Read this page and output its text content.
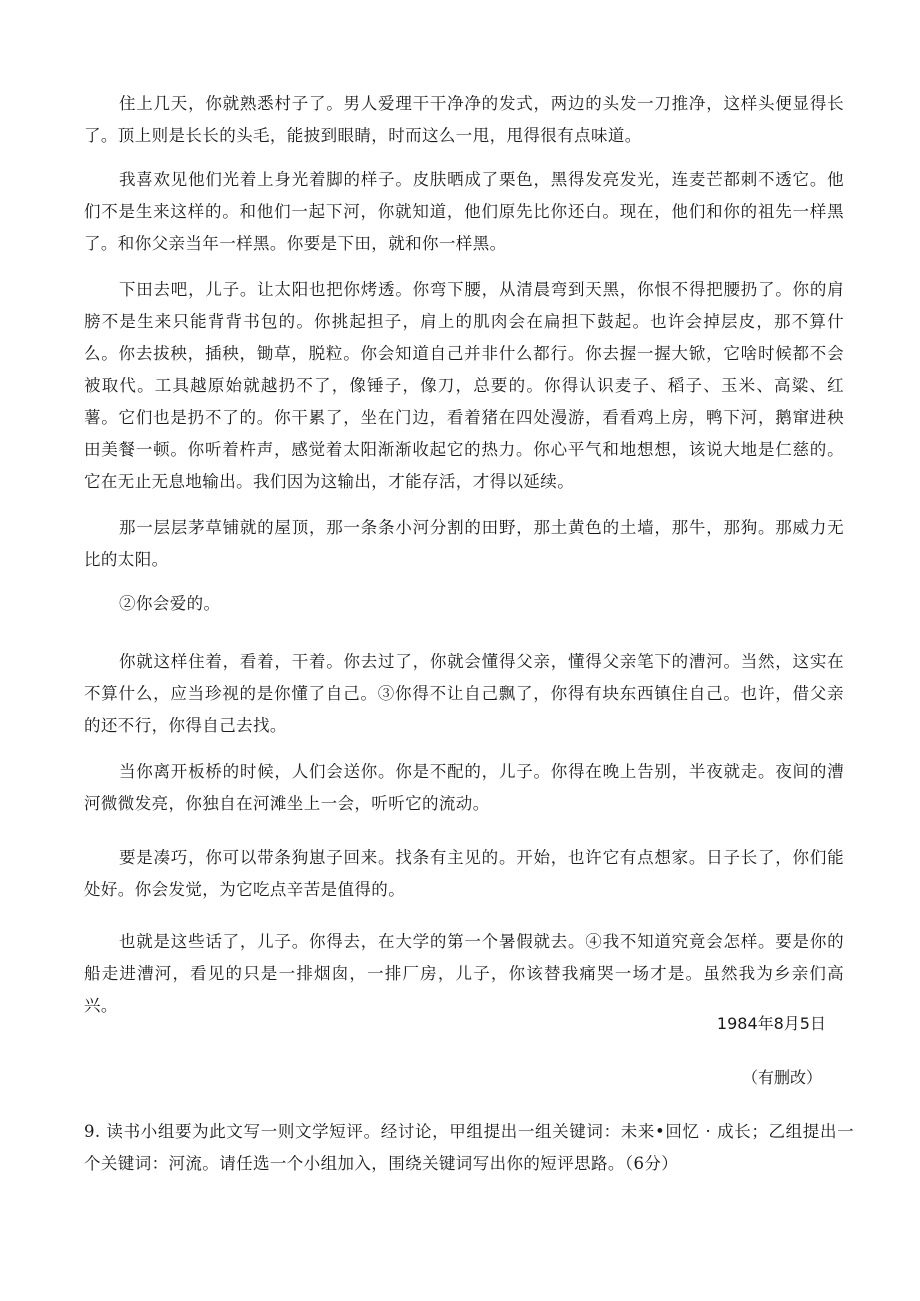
住上几天，你就熟悉村子了。男人爱理干干净净的发式，两边的头发一刀推净，这样头便显得长了。顶上则是长长的头毛，能披到眼睛，时而这么一甩，甩得很有点味道。

我喜欢见他们光着上身光着脚的样子。皮肤晒成了栗色，黑得发亮发光，连麦芒都刺不透它。他们不是生来这样的。和他们一起下河，你就知道，他们原先比你还白。现在，他们和你的祖先一样黑了。和你父亲当年一样黑。你要是下田，就和你一样黑。

下田去吧，儿子。让太阳也把你烤透。你弯下腰，从清晨弯到天黑，你恨不得把腰扔了。你的肩膀不是生来只能背背书包的。你挑起担子，肩上的肌肉会在扁担下鼓起。也许会掉层皮，那不算什么。你去拔秧，插秧，锄草，脱粒。你会知道自己并非什么都行。你去握一握大锨，它啥时候都不会被取代。工具越原始就越扔不了，像锤子，像刀，总要的。你得认识麦子、稻子、玉米、高粱、红薯。它们也是扔不了的。你干累了，坐在门边，看着猪在四处漫游，看看鸡上房，鸭下河，鹅窜进秧田美餐一顿。你听着杵声，感觉着太阳渐渐收起它的热力。你心平气和地想想，该说大地是仁慈的。它在无止无息地输出。我们因为这输出，才能存活，才得以延续。

那一层层茅草铺就的屋顶，那一条条小河分割的田野，那土黄色的土墙，那牛，那狗。那威力无比的太阳。

②你会爱的。

你就这样住着，看着，干着。你去过了，你就会懂得父亲，懂得父亲笔下的漕河。当然，这实在不算什么，应当珍视的是你懂了自己。③你得不让自己飘了，你得有块东西镇住自己。也许，借父亲的还不行，你得自己去找。

当你离开板桥的时候，人们会送你。你是不配的，儿子。你得在晚上告别，半夜就走。夜间的漕河微微发亮，你独自在河滩坐上一会，听听它的流动。

要是凑巧，你可以带条狗崽子回来。找条有主见的。开始，也许它有点想家。日子长了，你们能处好。你会发觉，为它吃点辛苦是值得的。

也就是这些话了，儿子。你得去，在大学的第一个暑假就去。④我不知道究竟会怎样。要是你的船走进漕河，看见的只是一排烟囱，一排厂房，儿子，你该替我痛哭一场才是。虽然我为乡亲们高兴。

1984年8月5日

（有删改）

9. 读书小组要为此文写一则文学短评。经讨论，甲组提出一组关键词：未来•回忆 · 成长；乙组提出一个关键词：河流。请任选一个小组加入，围绕关键词写出你的短评思路。（6分）
